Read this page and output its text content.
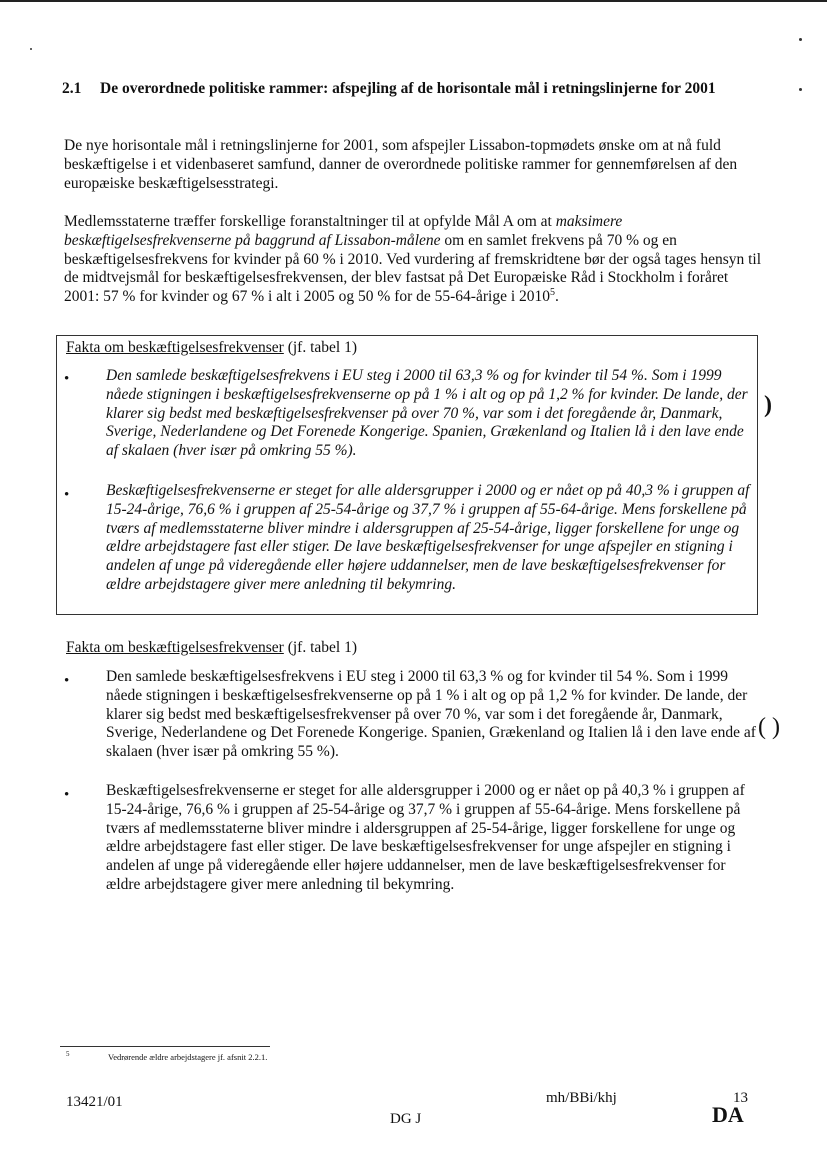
2.1 De overordnede politiske rammer: afspejling af de horisontale mål i retningslinjerne for 2001

De nye horisontale mål i retningslinjerne for 2001, som afspejler Lissabon-topmødets ønske om at nå fuld beskæftigelse i et videnbaseret samfund, danner de overordnede politiske rammer for gennemførelsen af den europæiske beskæftigelsesstrategi.

Medlemsstaterne træffer forskellige foranstaltninger til at opfylde Mål A om at maksimere beskæftigelsesfrekvenserne på baggrund af Lissabon-målene om en samlet frekvens på 70 % og en beskæftigelsesfrekvens for kvinder på 60 % i 2010. Ved vurdering af fremskridtene bør der også tages hensyn til de midtvejsmål for beskæftigelsesfrekvensen, der blev fastsat på Det Europæiske Råd i Stockholm i foråret 2001: 57 % for kvinder og 67 % i alt i 2005 og 50 % for de 55-64-årige i 2010$^5$.

Fakta om beskæftigelsesfrekvenser (jf. tabel 1)
• Den samlede beskæftigelsesfrekvens i EU steg i 2000 til 63,3 % og for kvinder til 54 %. Som i 1999 nåede stigningen i beskæftigelsesfrekvenserne op på 1 % i alt og op på 1,2 % for kvinder. De lande, der klarer sig bedst med beskæftigelsesfrekvenser på over 70 %, var som i det foregående år, Danmark, Sverige, Nederlandene og Det Forenede Kongerige. Spanien, Grækenland og Italien lå i den lave ende af skalaen (hver især på omkring 55 %).

• Beskæftigelsesfrekvenserne er steget for alle aldersgrupper i 2000 og er nået op på 40,3 % i gruppen af 15-24-årige, 76,6 % i gruppen af 25-54-årige og 37,7 % i gruppen af 55-64-årige. Mens forskellene på tværs af medlemsstaterne bliver mindre i aldersgruppen af 25-54-årige, ligger forskellene for unge og ældre arbejdstagere fast eller stiger. De lave beskæftigelsesfrekvenser for unge afspejler en stigning i andelen af unge på videregående eller højere uddannelser, men de lave beskæftigelsesfrekvenser for ældre arbejdstagere giver mere anledning til bekymring.

)
Fakta om beskæftigelsesfrekvenser (jf. tabel 1)
• Den samlede beskæftigelsesfrekvens i EU steg i 2000 til 63,3 % og for kvinder til 54 %. Som i 1999 nåede stigningen i beskæftigelsesfrekvenserne op på 1 % i alt og op på 1,2 % for kvinder. De lande, der klarer sig bedst med beskæftigelsesfrekvenser på over 70 %, var som i det foregående år, Danmark, Sverige, Nederlandene og Det Forenede Kongerige. Spanien, Grækenland og Italien lå i den lave ende af skalaen (hver især på omkring 55 %).

• Beskæftigelsesfrekvenserne er steget for alle aldersgrupper i 2000 og er nået op på 40,3 % i gruppen af 15-24-årige, 76,6 % i gruppen af 25-54-årige og 37,7 % i gruppen af 55-64-årige. Mens forskellene på tværs af medlemsstaterne bliver mindre i aldersgruppen af 25-54-årige, ligger forskellene for unge og ældre arbejdstagere fast eller stiger. De lave beskæftigelsesfrekvenser for unge afspejler en stigning i andelen af unge på videregående eller højere uddannelser, men de lave beskæftigelsesfrekvenser for ældre arbejdstagere giver mere anledning til bekymring.

( )
5	Vedrørende ældre arbejdstagere jf. afsnit 2.2.1.
13421/01	mh/BBi/khj	13
DG J	DA
